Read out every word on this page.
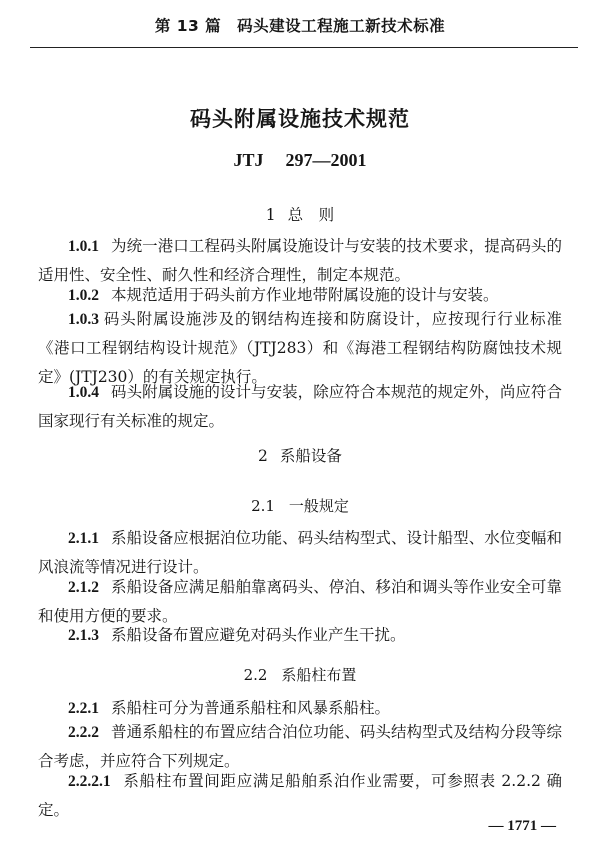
第 13 篇　码头建设工程施工新技术标准
码头附属设施技术规范
JTJ 297—2001
1 总　则
1.0.1 为统一港口工程码头附属设施设计与安装的技术要求，提高码头的适用性、安全性、耐久性和经济合理性，制定本规范。
1.0.2 本规范适用于码头前方作业地带附属设施的设计与安装。
1.0.3 码头附属设施涉及的钢结构连接和防腐设计，应按现行行业标准《港口工程钢结构设计规范》（JTJ283）和《海港工程钢结构防腐蚀技术规定》(JTJ230）的有关规定执行。
1.0.4 码头附属设施的设计与安装，除应符合本规范的规定外，尚应符合国家现行有关标准的规定。
2 系船设备
2.1 一般规定
2.1.1 系船设备应根据泊位功能、码头结构型式、设计船型、水位变幅和风浪流等情况进行设计。
2.1.2 系船设备应满足船舶靠离码头、停泊、移泊和调头等作业安全可靠和使用方便的要求。
2.1.3 系船设备布置应避免对码头作业产生干扰。
2.2 系船柱布置
2.2.1 系船柱可分为普通系船柱和风暴系船柱。
2.2.2 普通系船柱的布置应结合泊位功能、码头结构型式及结构分段等综合考虑，并应符合下列规定。
2.2.2.1 系船柱布置间距应满足船舶系泊作业需要，可参照表 2.2.2 确定。
— 1771 —
